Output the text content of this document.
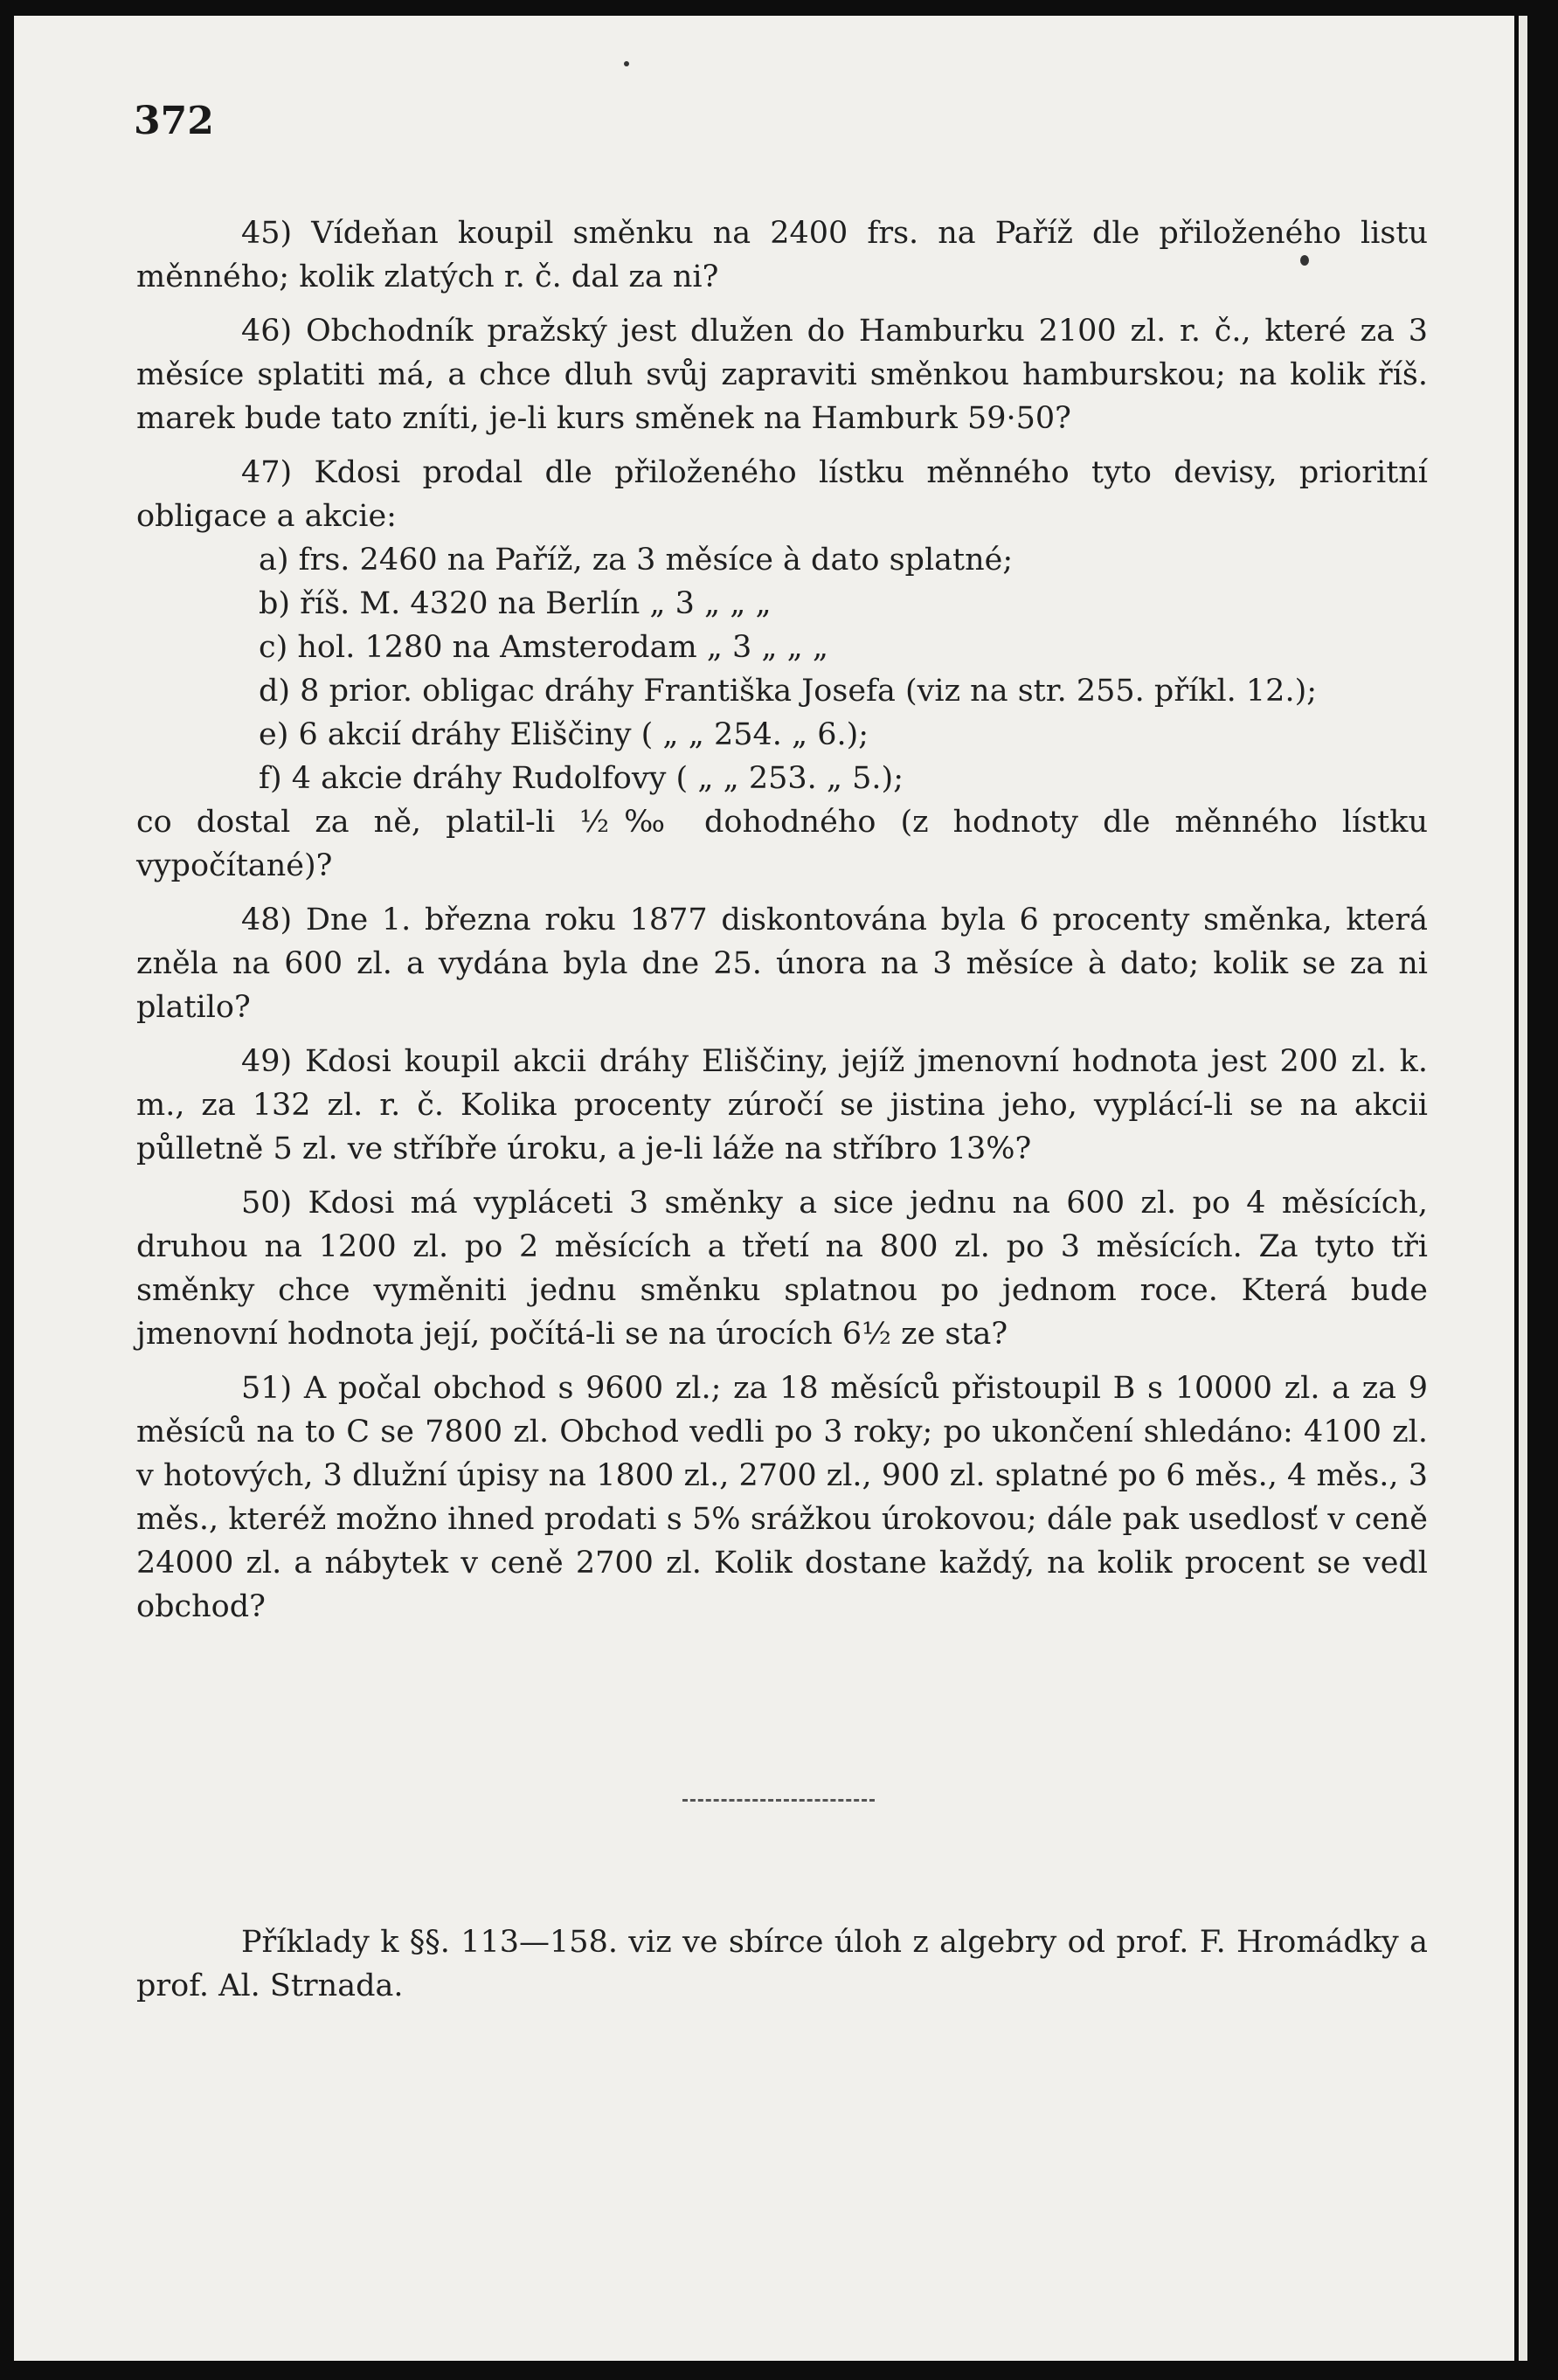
372

45) Vídeňan koupil směnku na 2400 frs. na Paříž dle přiloženého listu měnného; kolik zlatých r. č. dal za ni?

46) Obchodník pražský jest dlužen do Hamburku 2100 zl. r. č., které za 3 měsíce splatiti má, a chce dluh svůj zapraviti směnkou hamburskou; na kolik říš. marek bude tato zníti, je-li kurs směnek na Hamburk 59·50?

47) Kdosi prodal dle přiloženého lístku měnného tyto devisy, prioritní obligace a akcie:

a) frs. 2460 na Paříž, za 3 měsíce à dato splatné;

b) říš. M. 4320 na Berlín „ 3 „ „ „

c) hol. 1280 na Amsterodam „ 3 „ „ „

d) 8 prior. obligac dráhy Františka Josefa (viz na str. 255. příkl. 12.);

e) 6 akcií dráhy Eliščiny ( „ „ 254. „ 6.);

f) 4 akcie dráhy Rudolfovy ( „ „ 253. „ 5.);

co dostal za ně, platil-li ½‰ dohodného (z hodnoty dle měnného lístku vypočítané)?

48) Dne 1. března roku 1877 diskontována byla 6 procenty směnka, která zněla na 600 zl. a vydána byla dne 25. února na 3 měsíce à dato; kolik se za ni platilo?

49) Kdosi koupil akcii dráhy Eliščiny, jejíž jmenovní hodnota jest 200 zl. k. m., za 132 zl. r. č. Kolika procenty zúročí se jistina jeho, vyplácí-li se na akcii půlletně 5 zl. ve stříbře úroku, a je-li láže na stříbro 13%?

50) Kdosi má vypláceti 3 směnky a sice jednu na 600 zl. po 4 měsících, druhou na 1200 zl. po 2 měsících a třetí na 800 zl. po 3 měsících. Za tyto tři směnky chce vyměniti jednu směnku splatnou po jednom roce. Která bude jmenovní hodnota její, počítá-li se na úrocích 6½ ze sta?

51) A počal obchod s 9600 zl.; za 18 měsíců přistoupil B s 10000 zl. a za 9 měsíců na to C se 7800 zl. Obchod vedli po 3 roky; po ukončení shledáno: 4100 zl. v hotových, 3 dlužní úpisy na 1800 zl., 2700 zl., 900 zl. splatné po 6 měs., 4 měs., 3 měs., kteréž možno ihned prodati s 5% srážkou úrokovou; dále pak usedlosť v ceně 24000 zl. a nábytek v ceně 2700 zl. Kolik dostane každý, na kolik procent se vedl obchod?

Příklady k §§. 113—158. viz ve sbírce úloh z algebry od prof. F. Hromádky a prof. Al. Strnada.
